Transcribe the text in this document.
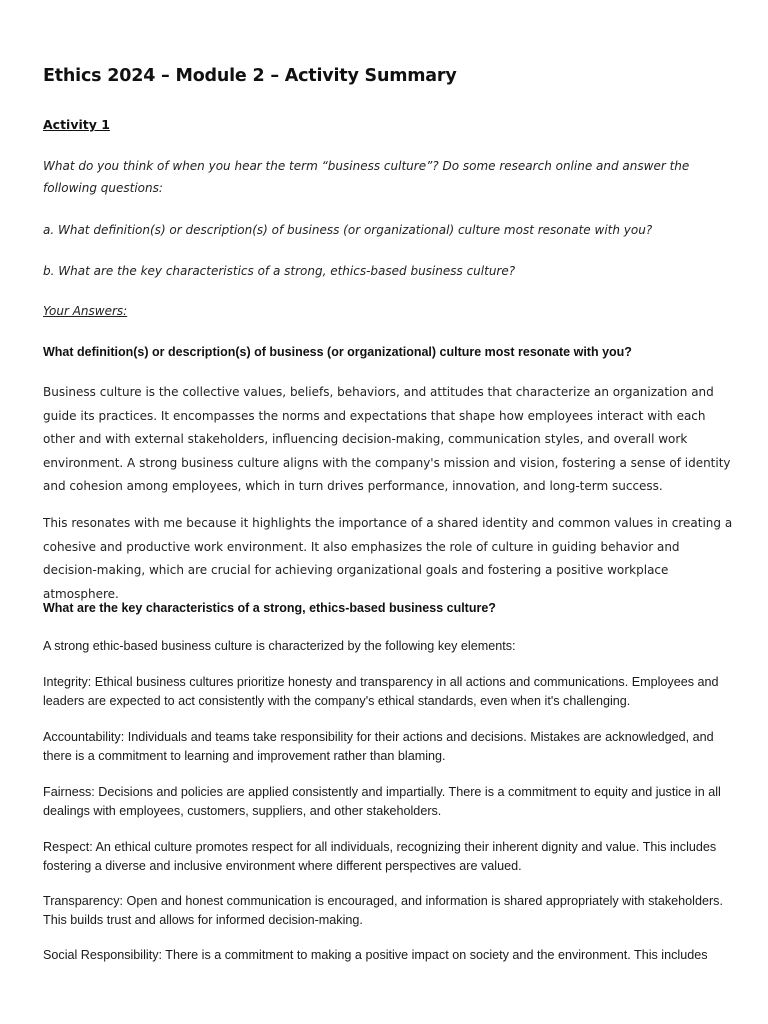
Ethics 2024 – Module 2 – Activity Summary
Activity 1

What do you think of when you hear the term “business culture”? Do some research online and answer the following questions:

a. What definition(s) or description(s) of business (or organizational) culture most resonate with you?

b. What are the key characteristics of a strong, ethics-based business culture?

Your Answers:
What definition(s) or description(s) of business (or organizational) culture most resonate with you?

Business culture is the collective values, beliefs, behaviors, and attitudes that characterize an organization and guide its practices. It encompasses the norms and expectations that shape how employees interact with each other and with external stakeholders, influencing decision-making, communication styles, and overall work environment. A strong business culture aligns with the company's mission and vision, fostering a sense of identity and cohesion among employees, which in turn drives performance, innovation, and long-term success.

This resonates with me because it highlights the importance of a shared identity and common values in creating a cohesive and productive work environment. It also emphasizes the role of culture in guiding behavior and decision-making, which are crucial for achieving organizational goals and fostering a positive workplace atmosphere.

What are the key characteristics of a strong, ethics-based business culture?

A strong ethic-based business culture is characterized by the following key elements:

Integrity: Ethical business cultures prioritize honesty and transparency in all actions and communications. Employees and leaders are expected to act consistently with the company's ethical standards, even when it's challenging.

Accountability: Individuals and teams take responsibility for their actions and decisions. Mistakes are acknowledged, and there is a commitment to learning and improvement rather than blaming.

Fairness: Decisions and policies are applied consistently and impartially. There is a commitment to equity and justice in all dealings with employees, customers, suppliers, and other stakeholders.

Respect: An ethical culture promotes respect for all individuals, recognizing their inherent dignity and value. This includes fostering a diverse and inclusive environment where different perspectives are valued.

Transparency: Open and honest communication is encouraged, and information is shared appropriately with stakeholders. This builds trust and allows for informed decision-making.

Social Responsibility: There is a commitment to making a positive impact on society and the environment. This includes
